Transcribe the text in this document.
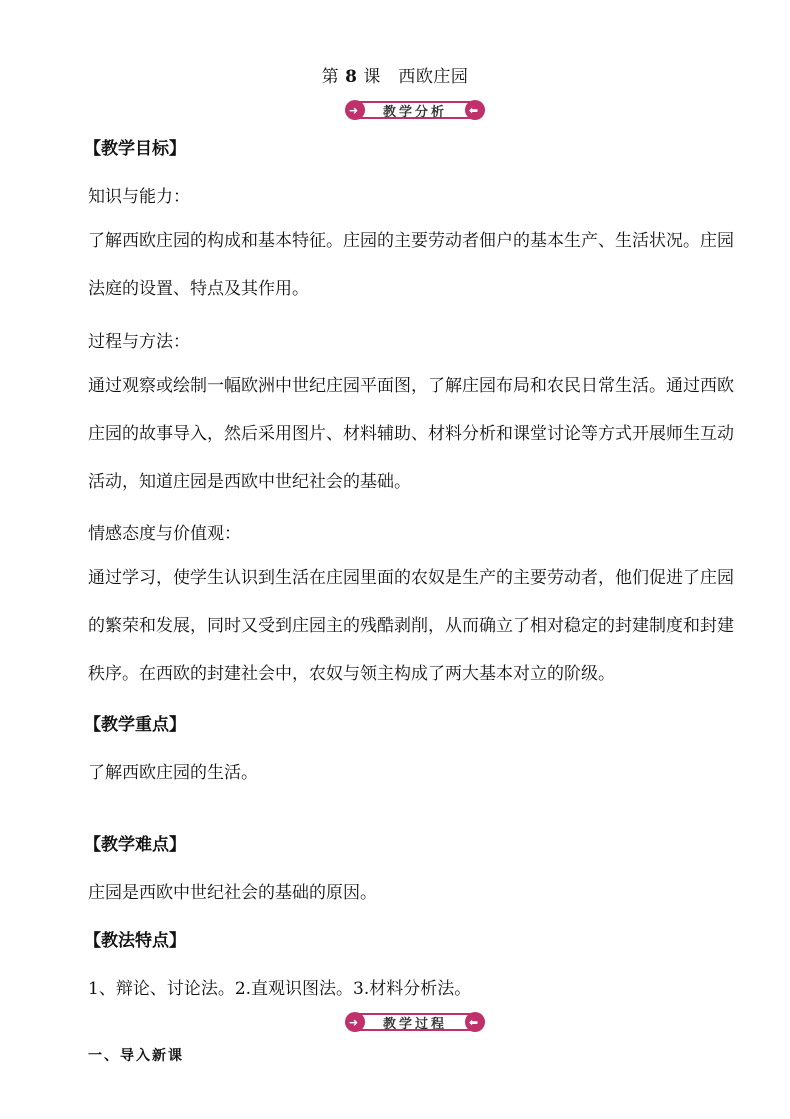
第 8 课　西欧庄园
➜ 教学分析	⬅
【教学目标】
知识与能力：
了解西欧庄园的构成和基本特征。庄园的主要劳动者佃户的基本生产、生活状况。庄园法庭的设置、特点及其作用。
过程与方法：
通过观察或绘制一幅欧洲中世纪庄园平面图，了解庄园布局和农民日常生活。通过西欧庄园的故事导入，然后采用图片、材料辅助、材料分析和课堂讨论等方式开展师生互动活动，知道庄园是西欧中世纪社会的基础。
情感态度与价值观：
通过学习，使学生认识到生活在庄园里面的农奴是生产的主要劳动者，他们促进了庄园的繁荣和发展，同时又受到庄园主的残酷剥削，从而确立了相对稳定的封建制度和封建秩序。在西欧的封建社会中，农奴与领主构成了两大基本对立的阶级。
【教学重点】
了解西欧庄园的生活。
【教学难点】
庄园是西欧中世纪社会的基础的原因。
【教法特点】
1、辩论、讨论法。2.直观识图法。3.材料分析法。
➜ 教学过程	⬅
一、导入新课
